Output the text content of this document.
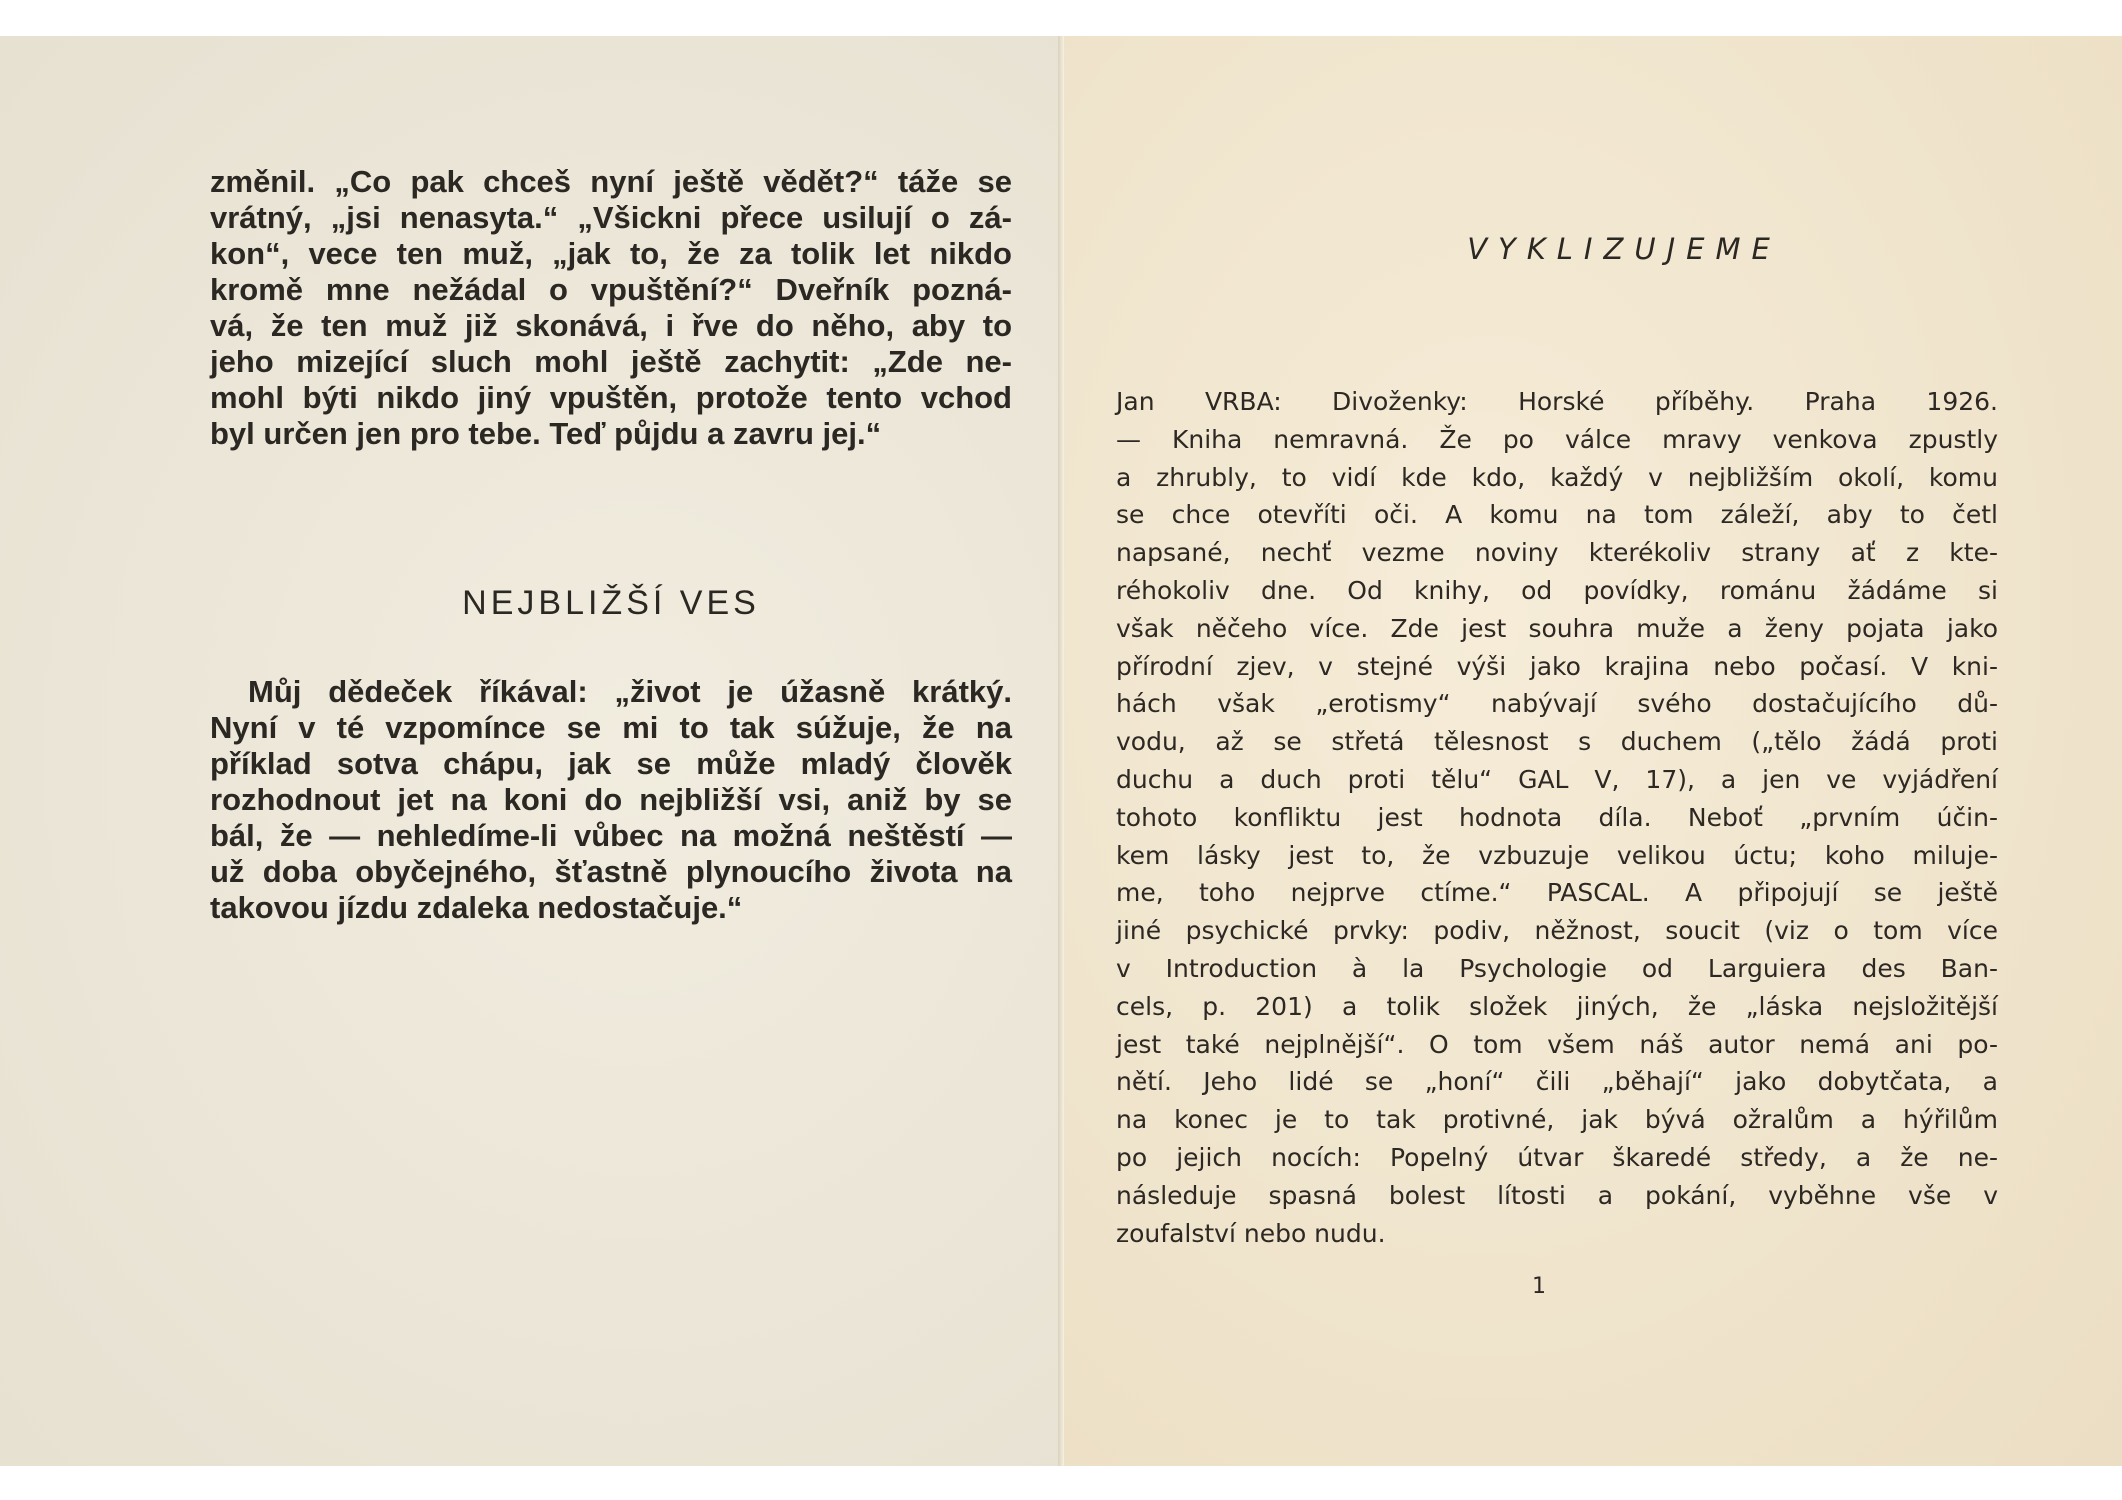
změnil. „Co pak chceš nyní ještě vědět?“ táže se
vrátný, „jsi nenasyta.“ „Všickni přece usilují o zá-
kon“, vece ten muž, „jak to, že za tolik let nikdo
kromě mne nežádal o vpuštění?“ Dveřník pozná-
vá, že ten muž již skonává, i řve do něho, aby to
jeho mizející sluch mohl ještě zachytit: „Zde ne-
mohl býti nikdo jiný vpuštěn, protože tento vchod
byl určen jen pro tebe. Teď půjdu a zavru jej.“
NEJBLIŽŠÍ VES
Můj dědeček říkával: „život je úžasně krátký.
Nyní v té vzpomínce se mi to tak súžuje, že na
příklad sotva chápu, jak se může mladý člověk
rozhodnout jet na koni do nejbližší vsi, aniž by se
bál, že — nehledíme-li vůbec na možná neštěstí —
už doba obyčejného, šťastně plynoucího života na
takovou jízdu zdaleka nedostačuje.“
VYKLIZUJEME
Jan VRBA: Divoženky: Horské příběhy. Praha 1926.
— Kniha nemravná. Že po válce mravy venkova zpustly
a zhrubly, to vidí kde kdo, každý v nejbližším okolí, komu
se chce otevříti oči. A komu na tom záleží, aby to četl
napsané, nechť vezme noviny kterékoliv strany ať z kte-
réhokoliv dne. Od knihy, od povídky, románu žádáme si
však něčeho více. Zde jest souhra muže a ženy pojata jako
přírodní zjev, v stejné výši jako krajina nebo počasí. V kni-
hách však „erotismy“ nabývají svého dostačujícího dů-
vodu, až se střetá tělesnost s duchem („tělo žádá proti
duchu a duch proti tělu“ GAL V, 17), a jen ve vyjádření
tohoto konfliktu jest hodnota díla. Neboť „prvním účin-
kem lásky jest to, že vzbuzuje velikou úctu; koho miluje-
me, toho nejprve ctíme.“ PASCAL. A připojují se ještě
jiné psychické prvky: podiv, něžnost, soucit (viz o tom více
v Introduction à la Psychologie od Larguiera des Ban-
cels, p. 201) a tolik složek jiných, že „láska nejsložitější
jest také nejplnější“. O tom všem náš autor nemá ani po-
nětí. Jeho lidé se „honí“ čili „běhají“ jako dobytčata, a
na konec je to tak protivné, jak bývá ožralům a hýřilům
po jejich nocích: Popelný útvar škaredé středy, a že ne-
následuje spasná bolest lítosti a pokání, vyběhne vše v
zoufalství nebo nudu.
1
